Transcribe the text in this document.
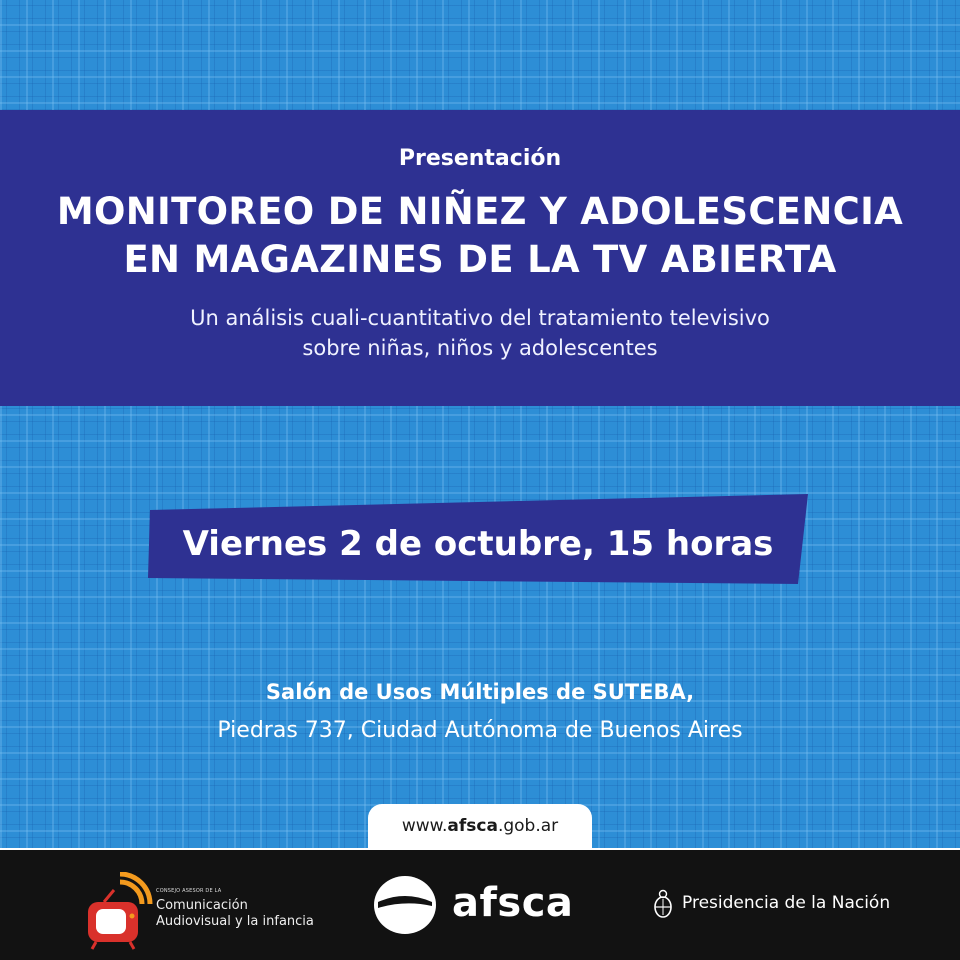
Presentación
MONITOREO DE NIÑEZ Y ADOLESCENCIA
EN MAGAZINES DE LA TV ABIERTA
Un análisis cuali-cuantitativo del tratamiento televisivo
sobre niñas, niños y adolescentes
Viernes 2 de octubre, 15 horas
Salón de Usos Múltiples de SUTEBA,
Piedras 737, Ciudad Autónoma de Buenos Aires
www.afsca.gob.ar
CONSEJO ASESOR DE LA
Comunicación
Audiovisual y la infancia	afsca	Presidencia de la Nación
